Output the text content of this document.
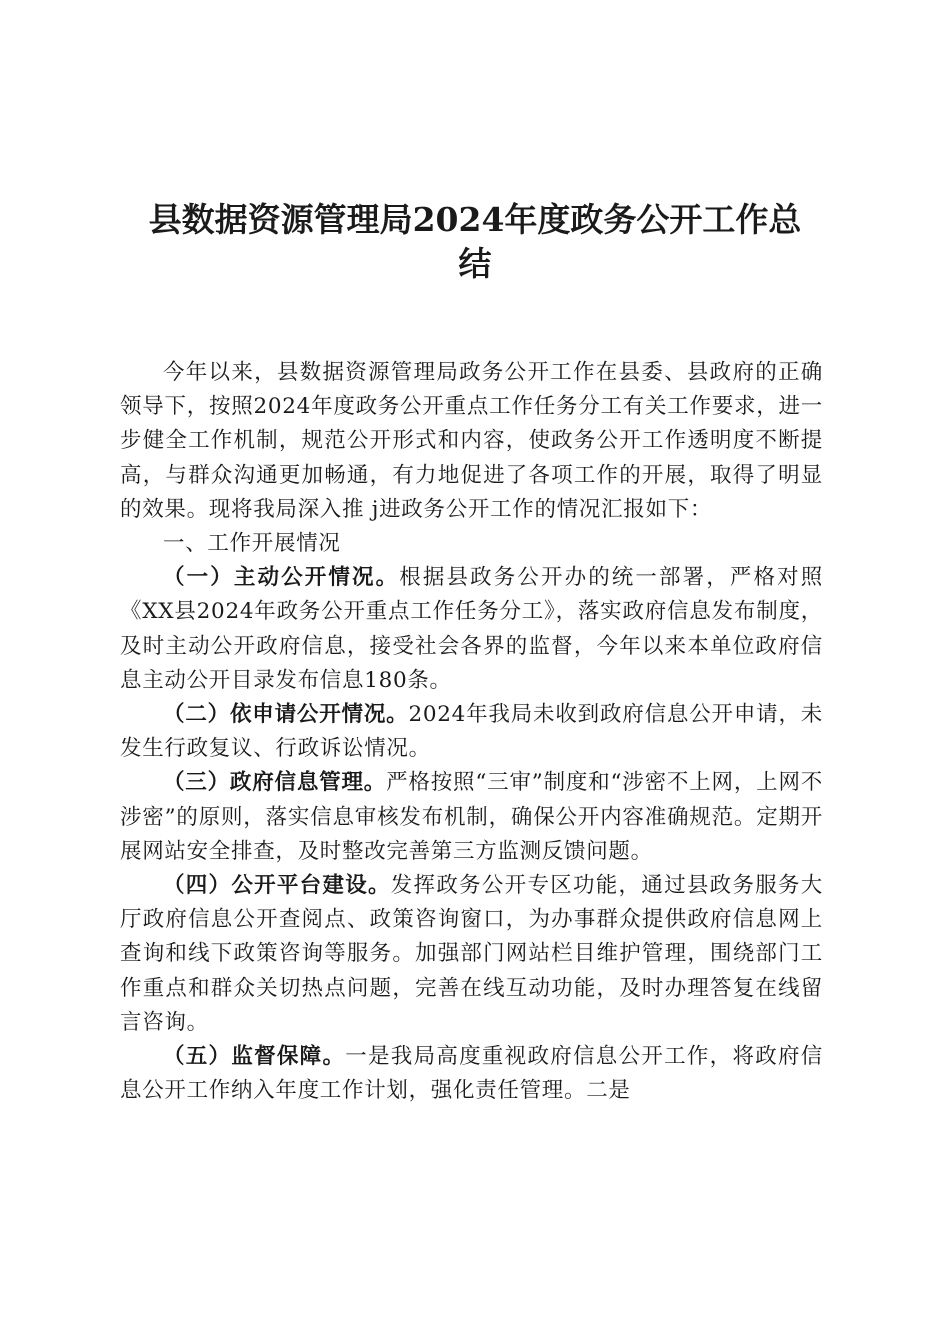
县数据资源管理局2024年度政务公开工作总
结

今年以来，县数据资源管理局政务公开工作在县委、县政府的正确领导下，按照2024年度政务公开重点工作任务分工有关工作要求，进一步健全工作机制，规范公开形式和内容，使政务公开工作透明度不断提高，与群众沟通更加畅通，有力地促进了各项工作的开展，取得了明显的效果。现将我局深入推 j进政务公开工作的情况汇报如下：

一、工作开展情况

（一）主动公开情况。根据县政务公开办的统一部署，严格对照《XX县2024年政务公开重点工作任务分工》，落实政府信息发布制度，及时主动公开政府信息，接受社会各界的监督，今年以来本单位政府信息主动公开目录发布信息180条。

（二）依申请公开情况。2024年我局未收到政府信息公开申请，未发生行政复议、行政诉讼情况。

（三）政府信息管理。严格按照“三审”制度和“涉密不上网，上网不涉密”的原则，落实信息审核发布机制，确保公开内容准确规范。定期开展网站安全排查，及时整改完善第三方监测反馈问题。

（四）公开平台建设。发挥政务公开专区功能，通过县政务服务大厅政府信息公开查阅点、政策咨询窗口，为办事群众提供政府信息网上查询和线下政策咨询等服务。加强部门网站栏目维护管理，围绕部门工作重点和群众关切热点问题，完善在线互动功能，及时办理答复在线留言咨询。

（五）监督保障。一是我局高度重视政府信息公开工作，将政府信息公开工作纳入年度工作计划，强化责任管理。二是
